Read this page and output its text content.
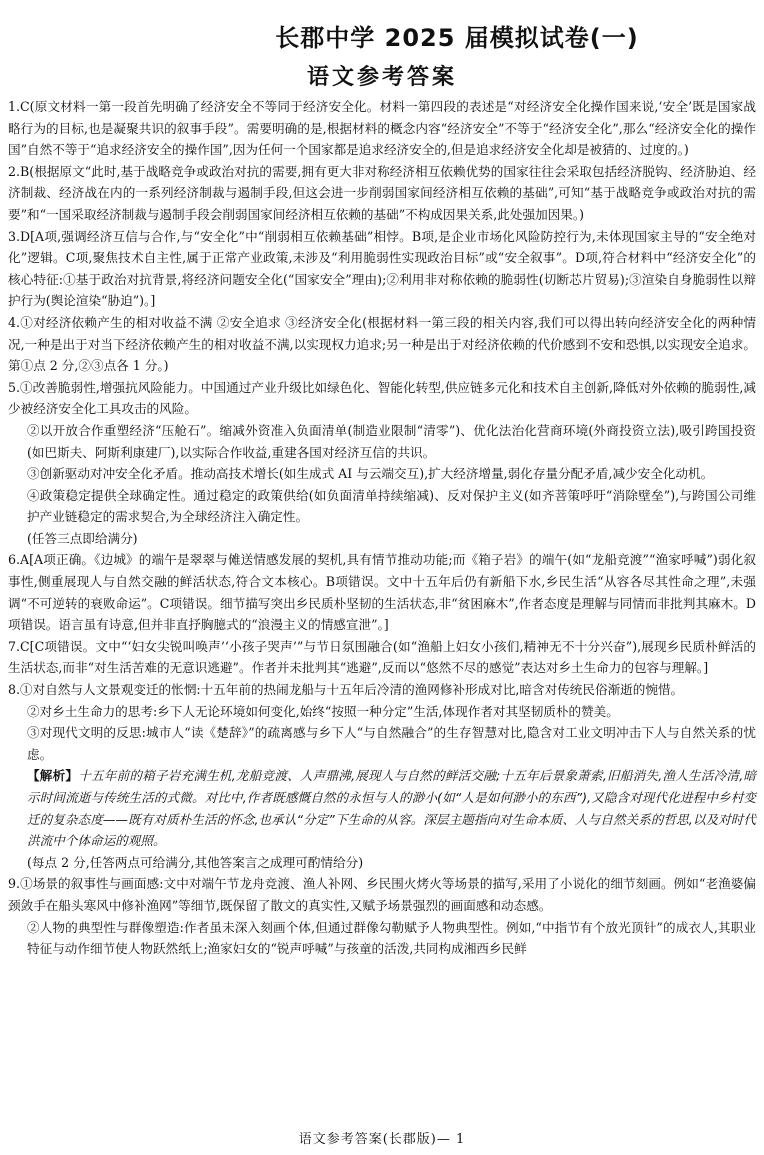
长郡中学 2025 届模拟试卷(一)
语文参考答案

1.C(原文材料一第一段首先明确了经济安全不等同于经济安全化。材料一第四段的表述是“对经济安全化操作国来说,‘安全’既是国家战略行为的目标,也是凝聚共识的叙事手段”。需要明确的是,根据材料的概念内容“经济安全”不等于“经济安全化”,那么“经济安全化的操作国”自然不等于“追求经济安全的操作国”,因为任何一个国家都是追求经济安全的,但是追求经济安全化却是被猜的、过度的。)

2.B(根据原文“此时,基于战略竞争或政治对抗的需要,拥有更大非对称经济相互依赖优势的国家往往会采取包括经济脱钩、经济胁迫、经济制裁、经济战在内的一系列经济制裁与遏制手段,但这会进一步削弱国家间经济相互依赖的基础”,可知“基于战略竞争或政治对抗的需要”和“一国采取经济制裁与遏制手段会削弱国家间经济相互依赖的基础”不构成因果关系,此处强加因果。)

3.D[A项,强调经济互信与合作,与“安全化”中“削弱相互依赖基础”相悖。B项,是企业市场化风险防控行为,未体现国家主导的“安全绝对化”逻辑。C项,聚焦技术自主性,属于正常产业政策,未涉及“利用脆弱性实现政治目标”或“安全叙事”。D项,符合材料中“经济安全化”的核心特征:①基于政治对抗背景,将经济问题安全化(“国家安全”理由);②利用非对称依赖的脆弱性(切断芯片贸易);③渲染自身脆弱性以辩护行为(舆论渲染“胁迫”)。]

4.①对经济依赖产生的相对收益不满 ②安全追求 ③经济安全化(根据材料一第三段的相关内容,我们可以得出转向经济安全化的两种情况,一种是出于对当下经济依赖产生的相对收益不满,以实现权力追求;另一种是出于对经济依赖的代价感到不安和恐惧,以实现安全追求。第①点 2 分,②③点各 1 分。)

5.①改善脆弱性,增强抗风险能力。中国通过产业升级比如绿色化、智能化转型,供应链多元化和技术自主创新,降低对外依赖的脆弱性,减少被经济安全化工具攻击的风险。

②以开放合作重塑经济“压舱石”。缩减外资准入负面清单(制造业限制“清零”)、优化法治化营商环境(外商投资立法),吸引跨国投资(如巴斯夫、阿斯利康建厂),以实际合作收益,重建各国对经济互信的共识。

③创新驱动对冲安全化矛盾。推动高技术增长(如生成式 AI 与云端交互),扩大经济增量,弱化存量分配矛盾,减少安全化动机。

④政策稳定提供全球确定性。通过稳定的政策供给(如负面清单持续缩减)、反对保护主义(如齐菩策呼吁“消除壁垒”),与跨国公司维护产业链稳定的需求契合,为全球经济注入确定性。

(任答三点即给满分)

6.A[A项正确。《边城》的端午是翠翠与傩送情感发展的契机,具有情节推动功能;而《箱子岩》的端午(如“龙船竞渡”“渔家呼喊”)弱化叙事性,侧重展现人与自然交融的鲜活状态,符合文本核心。B项错误。文中十五年后仍有新船下水,乡民生活“从容各尽其性命之理”,未强调“不可逆转的衰败命运”。C项错误。细节描写突出乡民质朴坚韧的生活状态,非“贫困麻木”,作者态度是理解与同情而非批判其麻木。D项错误。语言虽有诗意,但并非直抒胸臆式的“浪漫主义的情感宣泄”。]

7.C[C项错误。文中“‘妇女尖锐叫唤声’‘小孩子哭声’”与节日氛围融合(如“渔船上妇女小孩们,精神无不十分兴奋”),展现乡民质朴鲜活的生活状态,而非“对生活苦难的无意识逃避”。作者并未批判其“逃避”,反而以“悠然不尽的感觉”表达对乡土生命力的包容与理解。]

8.①对自然与人文景观变迁的怅惘:十五年前的热闹龙船与十五年后冷清的渔网修补形成对比,暗含对传统民俗渐逝的惋惜。

②对乡土生命力的思考:乡下人无论环境如何变化,始终“按照一种分定”生活,体现作者对其坚韧质朴的赞美。

③对现代文明的反思:城市人“读《楚辞》”的疏离感与乡下人“与自然融合”的生存智慧对比,隐含对工业文明冲击下人与自然关系的忧虑。

【解析】十五年前的箱子岩充满生机,龙船竞渡、人声鼎沸,展现人与自然的鲜活交融;十五年后景象萧索,旧船消失,渔人生活冷清,暗示时间流逝与传统生活的式微。对比中,作者既感慨自然的永恒与人的渺小(如“人是如何渺小的东西”),又隐含对现代化进程中乡村变迁的复杂态度——既有对质朴生活的怀念,也承认“分定”下生命的从容。深层主题指向对生命本质、人与自然关系的哲思,以及对时代洪流中个体命运的观照。

(每点 2 分,任答两点可给满分,其他答案言之成理可酌情给分)

9.①场景的叙事性与画面感:文中对端午节龙舟竞渡、渔人补网、乡民围火烤火等场景的描写,采用了小说化的细节刻画。例如“老渔婆偏颈敛手在船头寒风中修补渔网”等细节,既保留了散文的真实性,又赋予场景强烈的画面感和动态感。

②人物的典型性与群像塑造:作者虽未深入刻画个体,但通过群像勾勒赋予人物典型性。例如,“中指节有个放光顶针”的成衣人,其职业特征与动作细节使人物跃然纸上;渔家妇女的“锐声呼喊”与孩童的活泼,共同构成湘西乡民鲜

语文参考答案(长郡版)— 1
